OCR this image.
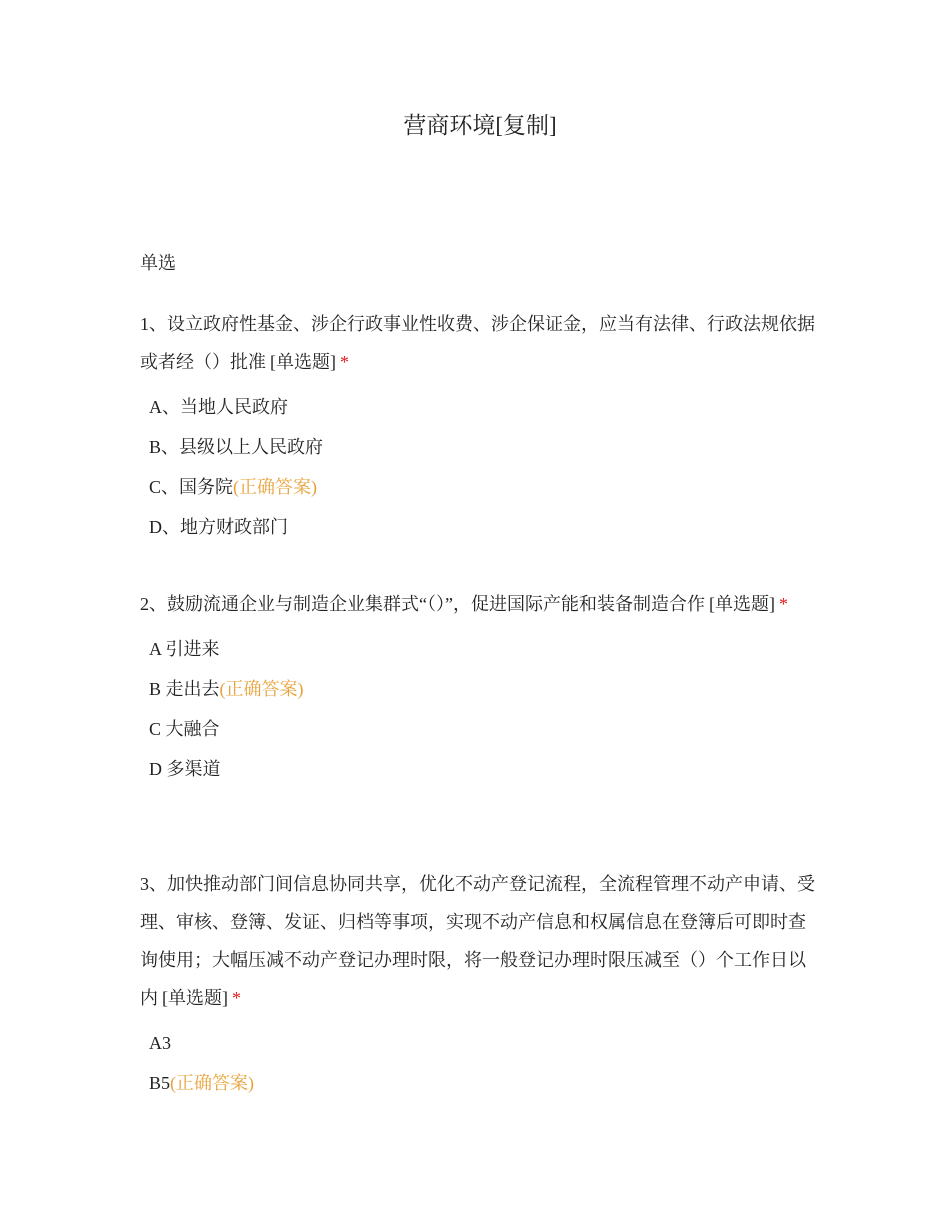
营商环境[复制]
单选

1、设立政府性基金、涉企行政事业性收费、涉企保证金，应当有法律、行政法规依据或者经（）批准 [单选题] *

A、当地人民政府
B、县级以上人民政府
C、国务院(正确答案)
D、地方财政部门

2、鼓励流通企业与制造企业集群式“（）”，促进国际产能和装备制造合作 [单选题] *

A 引进来
B 走出去(正确答案)
C 大融合
D 多渠道

3、加快推动部门间信息协同共享，优化不动产登记流程，全流程管理不动产申请、受理、审核、登簿、发证、归档等事项，实现不动产信息和权属信息在登簿后可即时查询使用；大幅压减不动产登记办理时限，将一般登记办理时限压减至（）个工作日以内 [单选题] *

A3
B5(正确答案)
